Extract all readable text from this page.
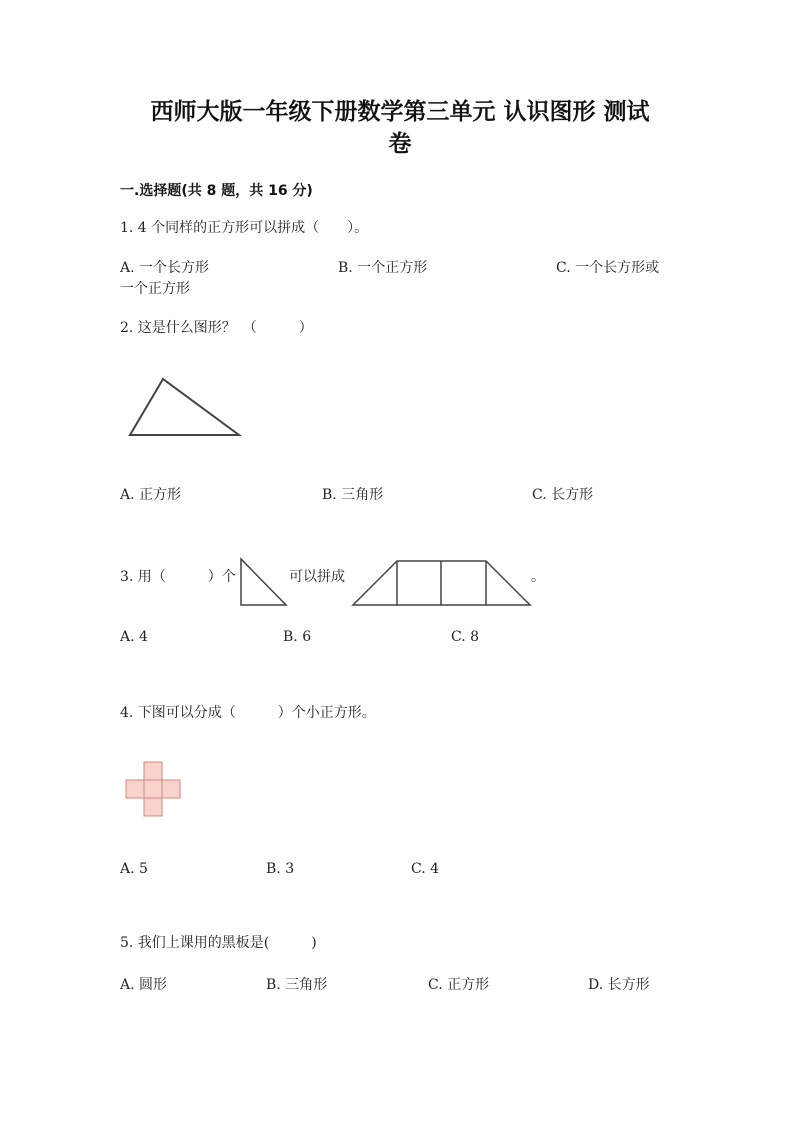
西师大版一年级下册数学第三单元 认识图形 测试
卷
一.选择题(共 8 题，共 16 分)
1. 4 个同样的正方形可以拼成（　　）。
A. 一个长方形	B. 一个正方形	C. 一个长方形或
一个正方形
2. 这是什么图形？　（　　　）
A. 正方形	B. 三角形	C. 长方形
3. 用（　　　）个	可以拼成	。
A. 4	B. 6	C. 8
4. 下图可以分成（　　　）个小正方形。
A. 5	B. 3	C. 4
5. 我们上课用的黑板是(　　　)
A. 圆形	B. 三角形	C. 正方形	D. 长方形
